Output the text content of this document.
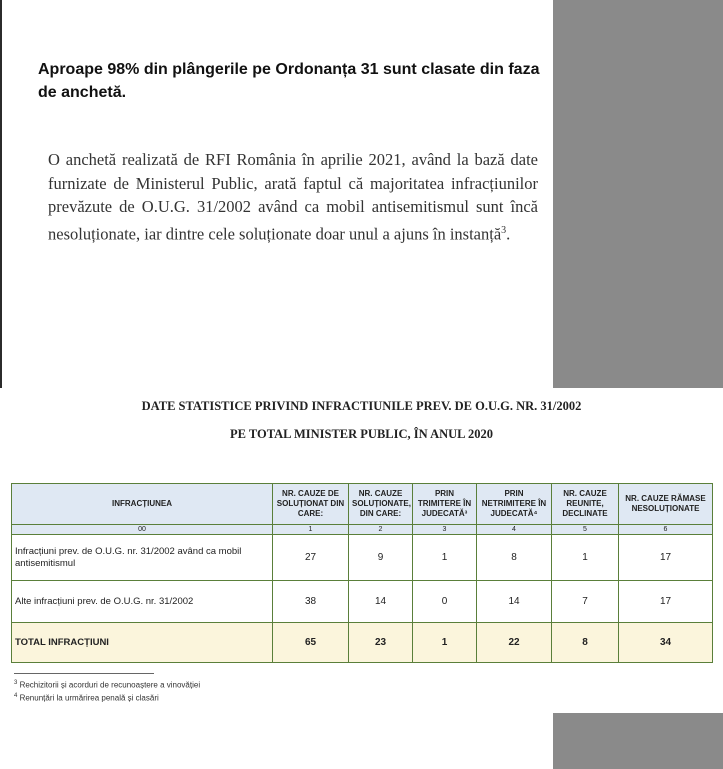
Aproape 98% din plângerile pe Ordonanța 31 sunt clasate din faza de anchetă.
O anchetă realizată de RFI România în aprilie 2021, având la bază date furnizate de Ministerul Public, arată faptul că majoritatea infracțiunilor prevăzute de O.U.G. 31/2002 având ca mobil antisemitismul sunt încă nesoluționate, iar dintre cele soluționate doar unul a ajuns în instanță$^3$.
DATE STATISTICE PRIVIND INFRACTIUNILE PREV. DE O.U.G. NR. 31/2002
PE TOTAL MINISTER PUBLIC, ÎN ANUL 2020
INFRACȚIUNEA	NR. CAUZE DE SOLUȚIONAT DIN CARE:	NR. CAUZE SOLUȚIONATE, DIN CARE:	PRIN TRIMITERE ÎN JUDECATĂ³	PRIN NETRIMITERE ÎN JUDECATĂ⁴	NR. CAUZE REUNITE, DECLINATE	NR. CAUZE RĂMASE NESOLUȚIONATE
00	1	2	3	4	5	6
Infracțiuni prev. de O.U.G. nr. 31/2002 având ca mobil antisemitismul	27	9	1	8	1	17
Alte infracțiuni prev. de O.U.G. nr. 31/2002	38	14	0	14	7	17
TOTAL INFRACȚIUNI	65	23	1	22	8	34
$^3$ Rechizitorii și acorduri de recunoaștere a vinovăției
$^4$ Renunțări la urmărirea penală și clasări
